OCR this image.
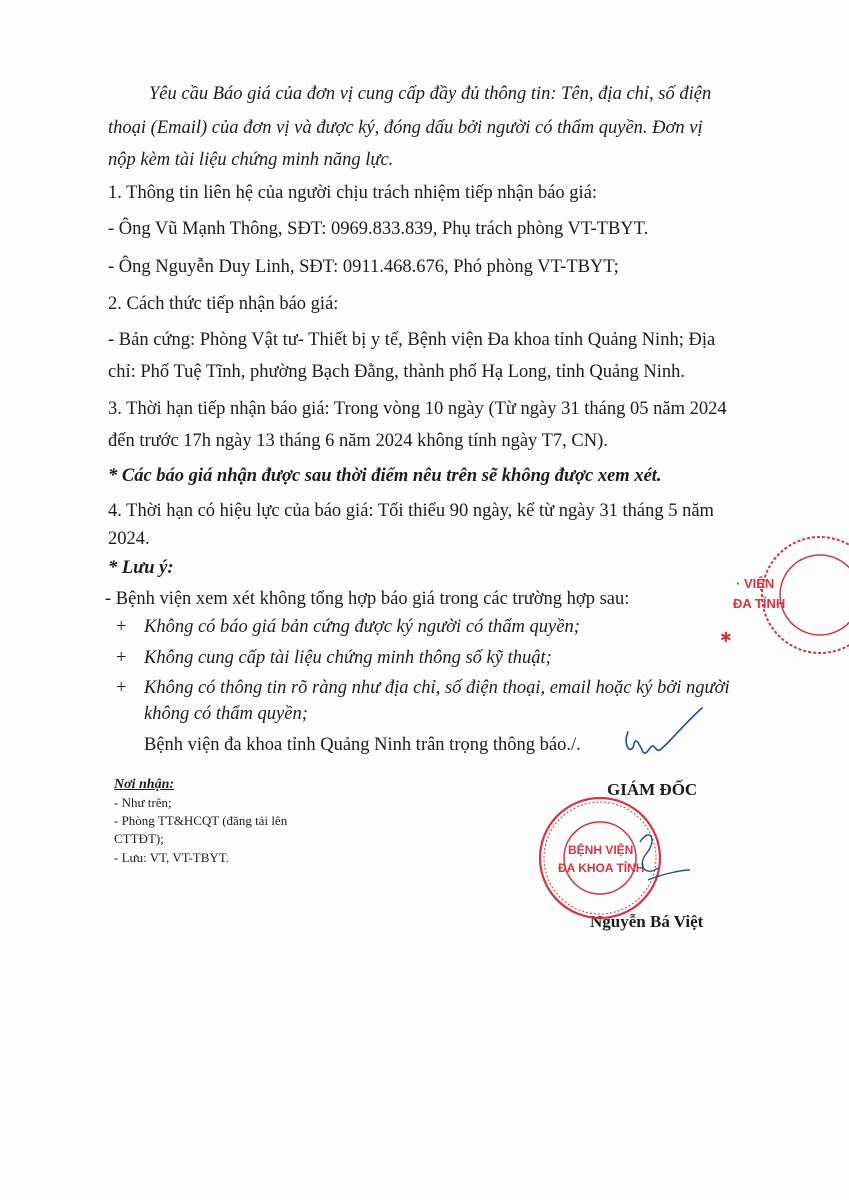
Yêu cầu Báo giá của đơn vị cung cấp đầy đủ thông tin: Tên, địa chỉ, số điện
thoại (Email) của đơn vị và được ký, đóng dấu bởi người có thẩm quyền. Đơn vị
nộp kèm tài liệu chứng minh năng lực.
1. Thông tin liên hệ của người chịu trách nhiệm tiếp nhận báo giá:
- Ông Vũ Mạnh Thông, SĐT: 0969.833.839, Phụ trách phòng VT-TBYT.
- Ông Nguyễn Duy Linh, SĐT: 0911.468.676, Phó phòng VT-TBYT;
2. Cách thức tiếp nhận báo giá:
- Bản cứng: Phòng Vật tư- Thiết bị y tế, Bệnh viện Đa khoa tỉnh Quảng Ninh; Địa
chỉ: Phố Tuệ Tĩnh, phường Bạch Đằng, thành phố Hạ Long, tỉnh Quảng Ninh.
3. Thời hạn tiếp nhận báo giá: Trong vòng 10 ngày (Từ ngày 31 tháng 05 năm 2024
đến trước 17h ngày 13 tháng 6 năm 2024 không tính ngày T7, CN).
* Các báo giá nhận được sau thời điểm nêu trên sẽ không được xem xét.
4. Thời hạn có hiệu lực của báo giá: Tối thiểu 90 ngày, kể từ ngày 31 tháng 5 năm
2024.
* Lưu ý:
- Bệnh viện xem xét không tổng hợp báo giá trong các trường hợp sau:
+ Không có báo giá bản cứng được ký người có thẩm quyền;
+ Không cung cấp tài liệu chứng minh thông số kỹ thuật;
+ Không có thông tin rõ ràng như địa chỉ, số điện thoại, email hoặc ký bởi người
không có thẩm quyền;
Bệnh viện đa khoa tỉnh Quảng Ninh trân trọng thông báo./.
Nơi nhận:
- Như trên;
- Phòng TT&HCQT (đăng tải lên
CTTĐT);
- Lưu: VT, VT-TBYT.
GIÁM ĐỐC
Nguyễn Bá Việt
· VIỆN
ĐA TỈNH
✱
BỆNH VIỆN
ĐA KHOA TỈNH
